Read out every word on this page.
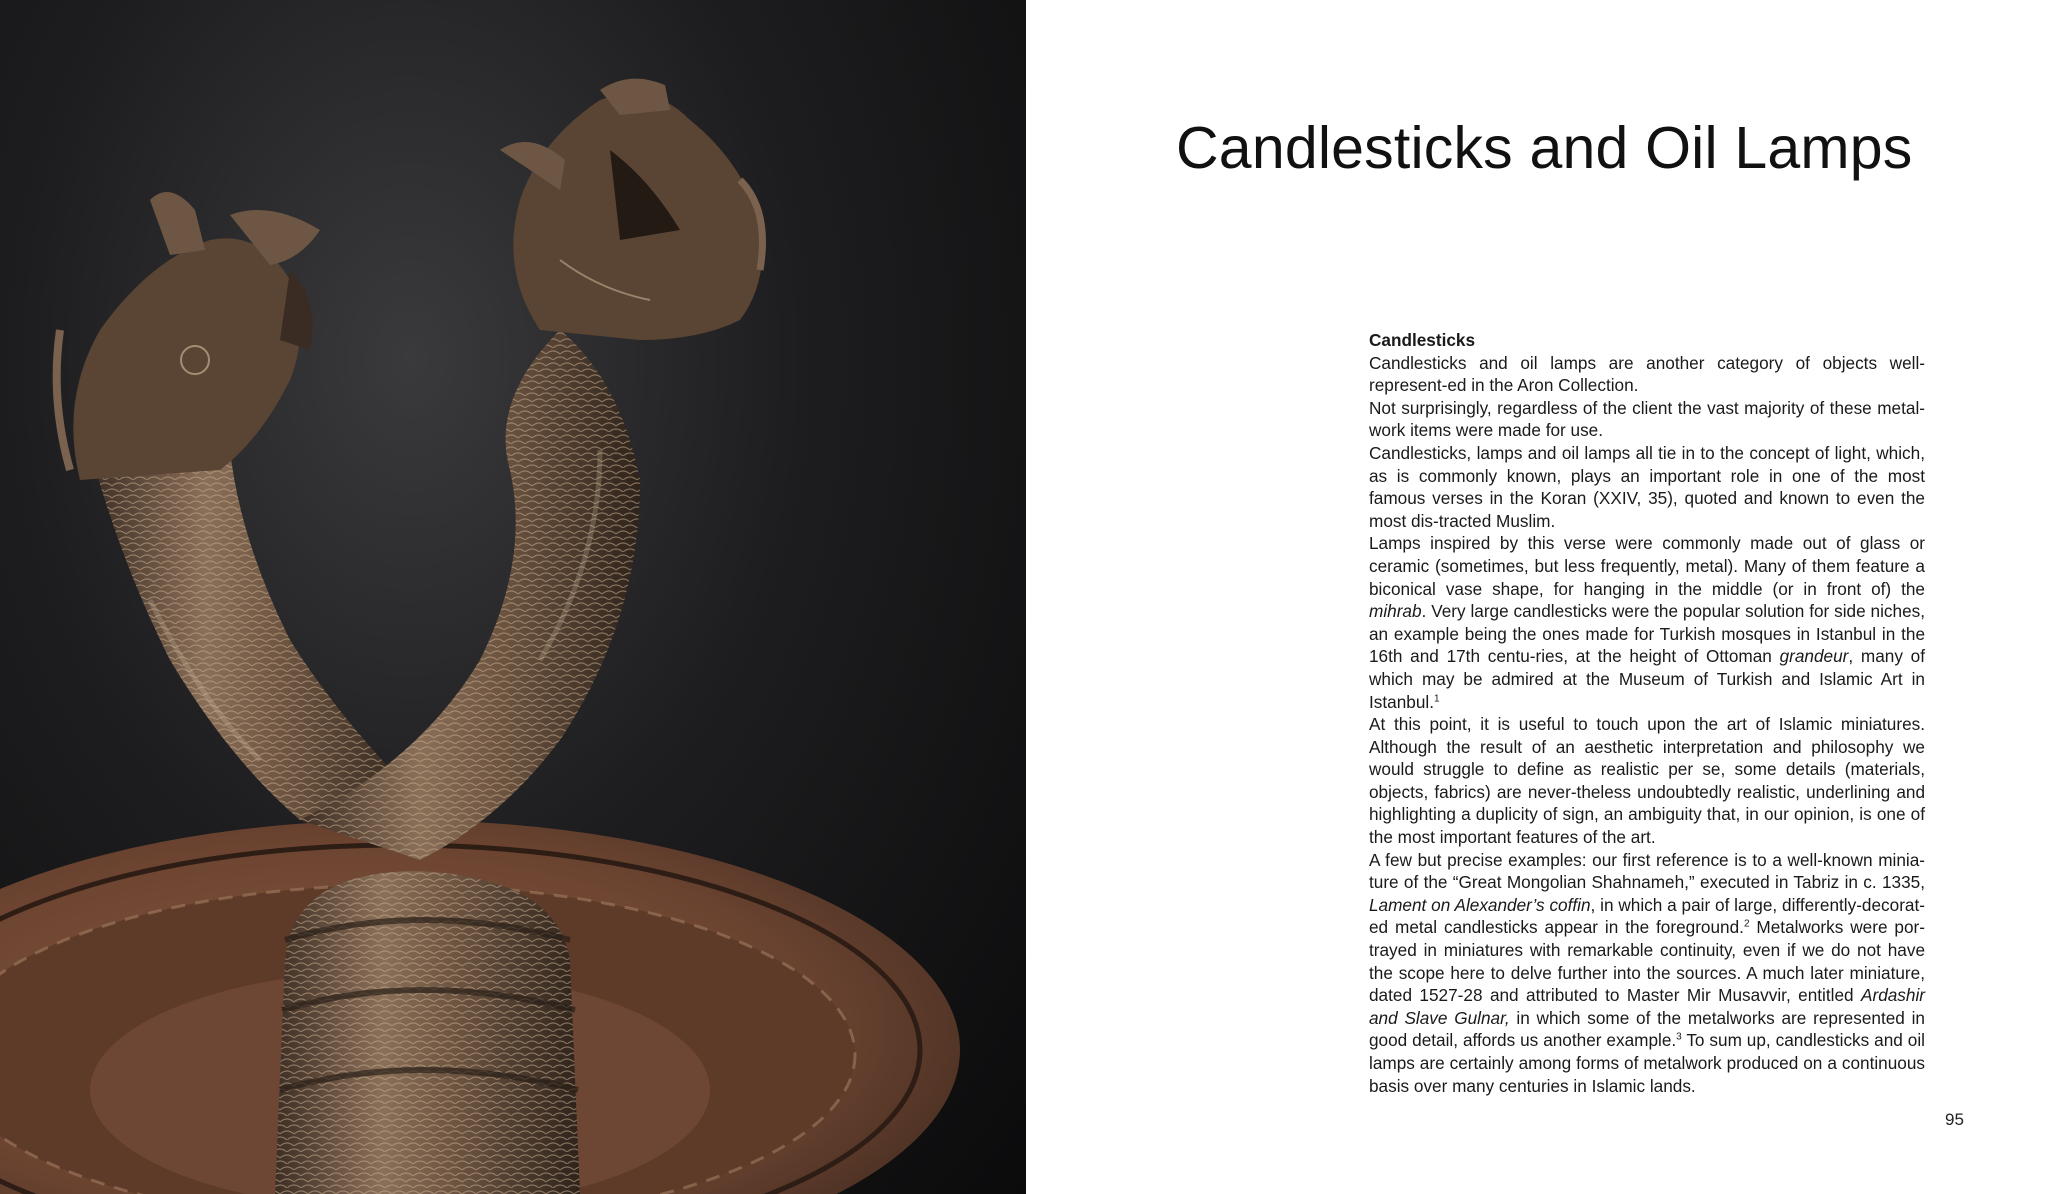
Candlesticks and Oil Lamps
Candlesticks

Candlesticks and oil lamps are another category of objects well-represent-ed in the Aron Collection.

Not surprisingly, regardless of the client the vast majority of these metal-work items were made for use.

Candlesticks, lamps and oil lamps all tie in to the concept of light, which, as is commonly known, plays an important role in one of the most famous verses in the Koran (XXIV, 35), quoted and known to even the most dis-tracted Muslim.

Lamps inspired by this verse were commonly made out of glass or ceramic (sometimes, but less frequently, metal). Many of them feature a biconical vase shape, for hanging in the middle (or in front of) the mihrab. Very large candlesticks were the popular solution for side niches, an example being the ones made for Turkish mosques in Istanbul in the 16th and 17th centu-ries, at the height of Ottoman grandeur, many of which may be admired at the Museum of Turkish and Islamic Art in Istanbul.$^1$

At this point, it is useful to touch upon the art of Islamic miniatures. Although the result of an aesthetic interpretation and philosophy we would struggle to define as realistic per se, some details (materials, objects, fabrics) are never-theless undoubtedly realistic, underlining and highlighting a duplicity of sign, an ambiguity that, in our opinion, is one of the most important features of the art.

A few but precise examples: our first reference is to a well-known minia-ture of the “Great Mongolian Shahnameh,” executed in Tabriz in c. 1335, Lament on Alexander’s coffin, in which a pair of large, differently-decorat-ed metal candlesticks appear in the foreground.$^2$ Metalworks were por-trayed in miniatures with remarkable continuity, even if we do not have the scope here to delve further into the sources. A much later miniature, dated 1527-28 and attributed to Master Mir Musavvir, entitled Ardashir and Slave Gulnar, in which some of the metalworks are represented in good detail, affords us another example.$^3$ To sum up, candlesticks and oil lamps are certainly among forms of metalwork produced on a continuous basis over many centuries in Islamic lands.

95
